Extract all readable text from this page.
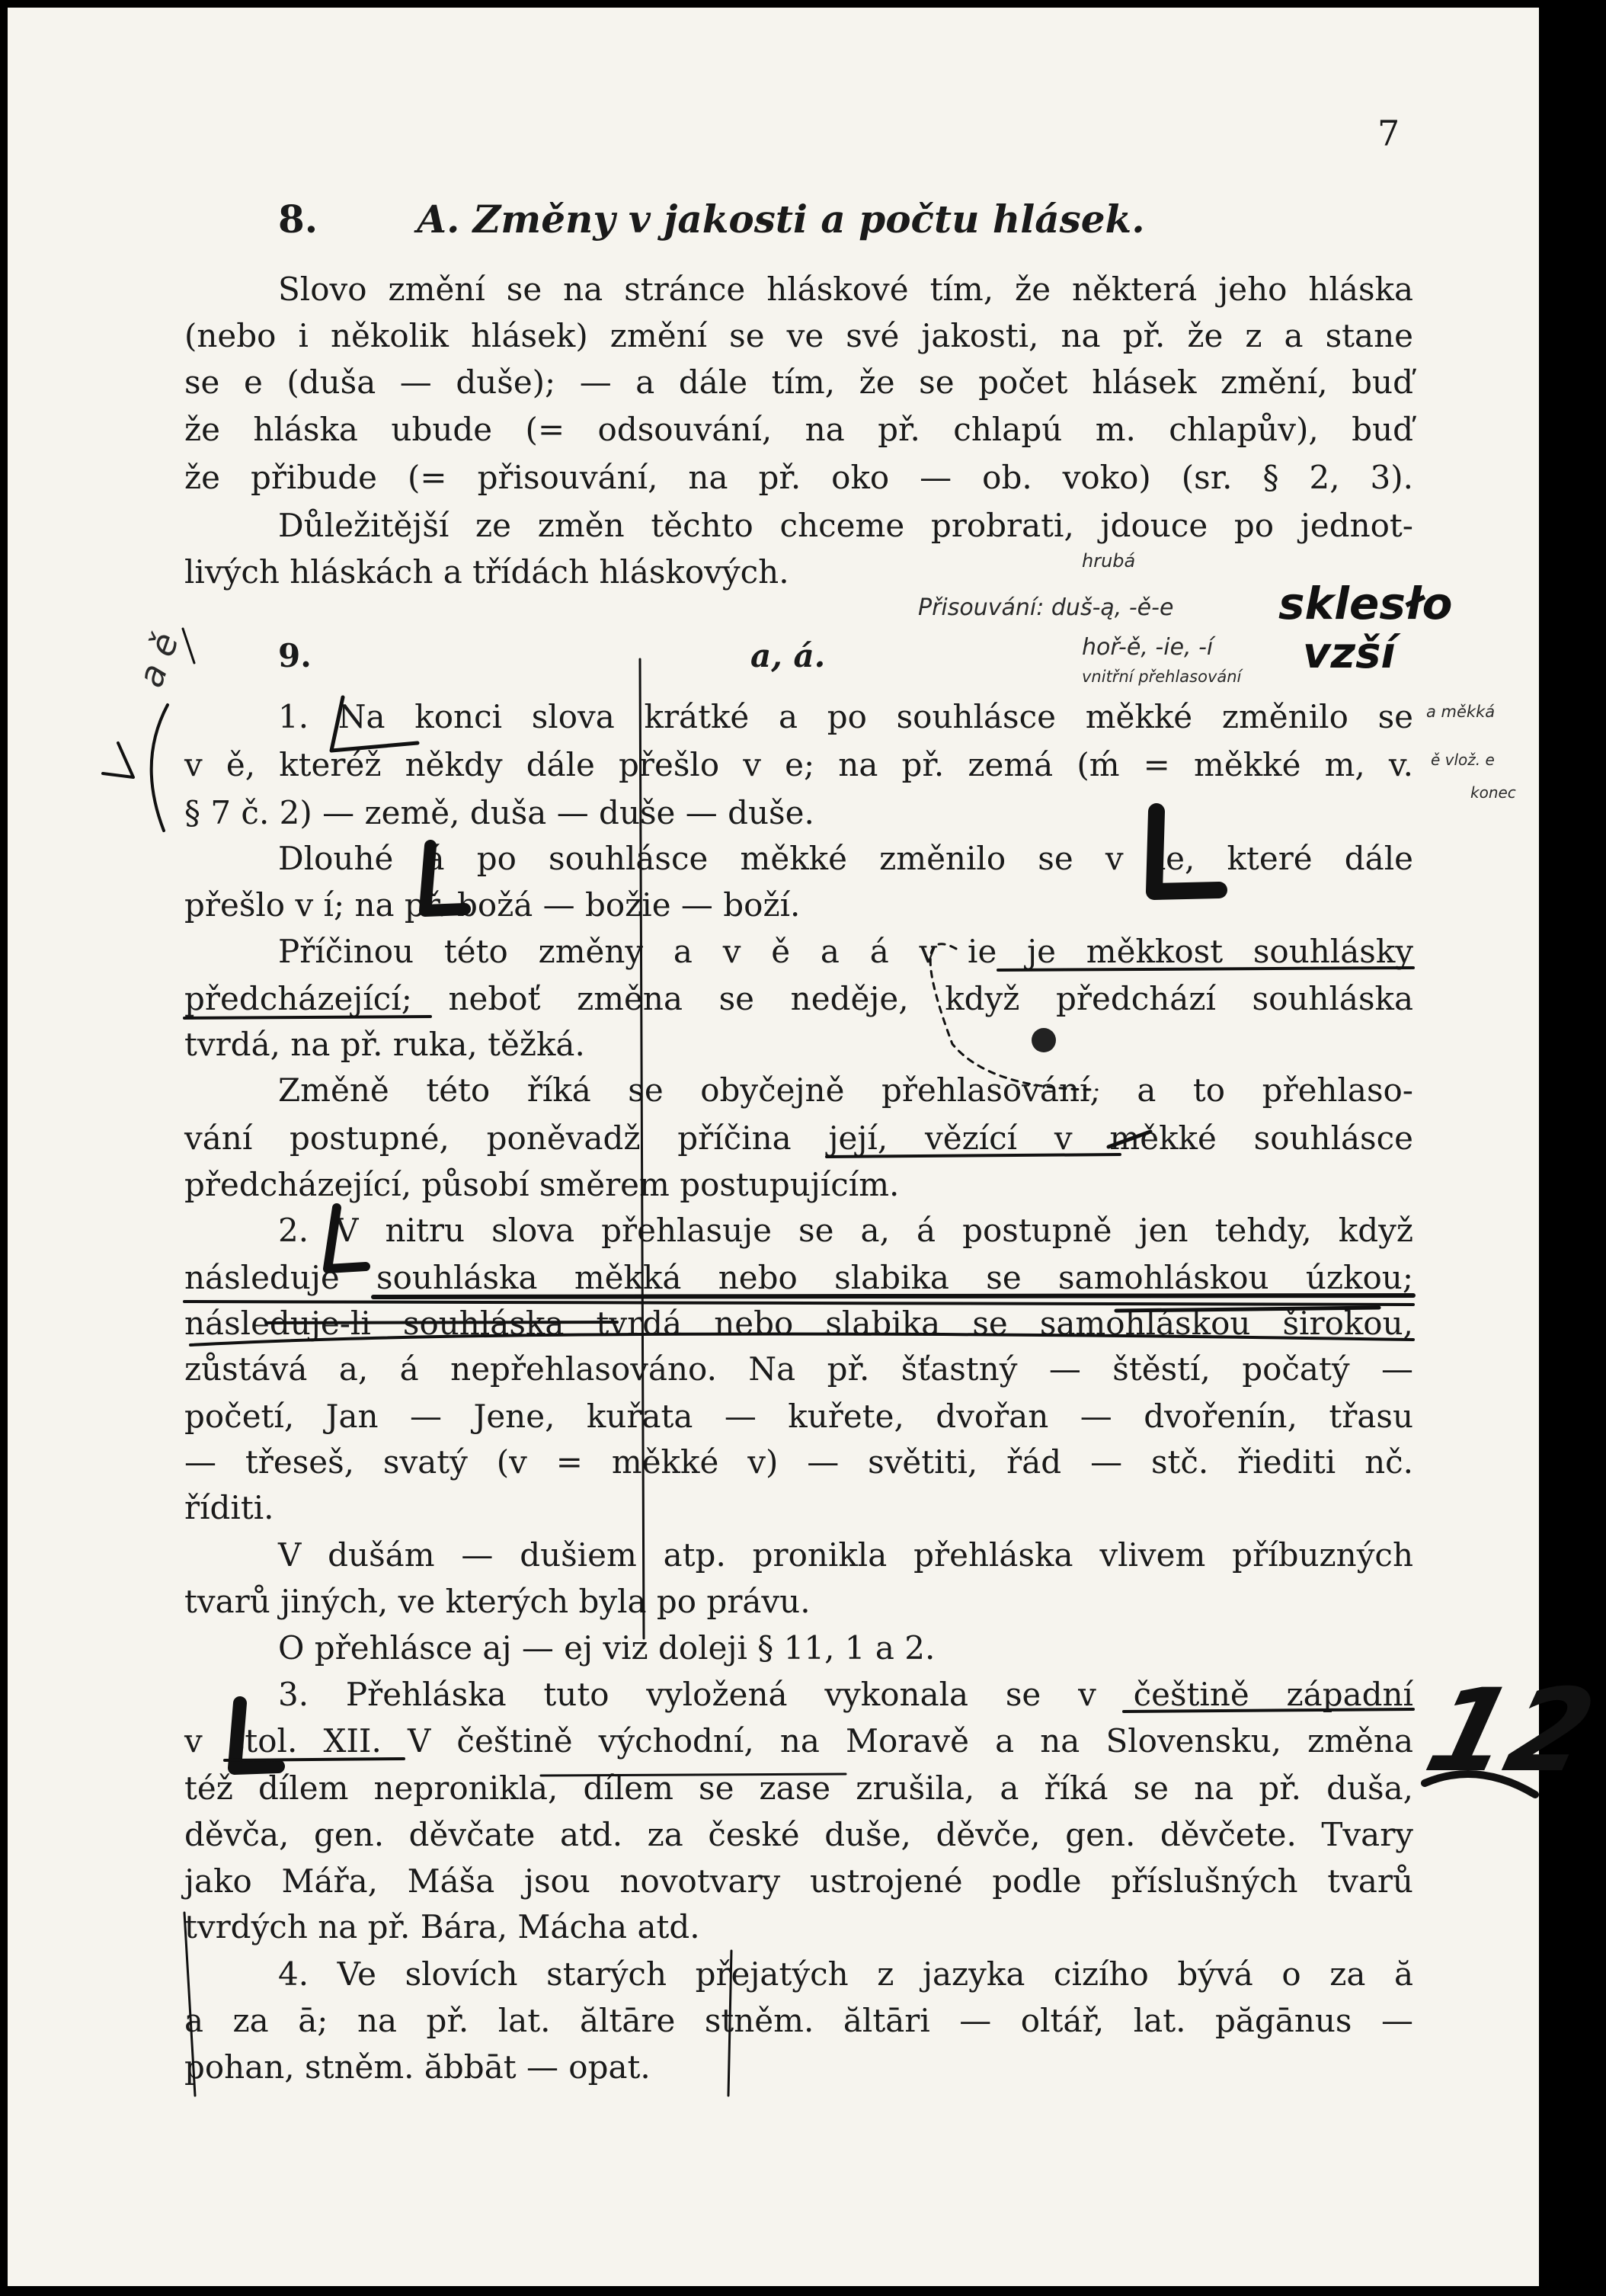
7
8.	A. Změny v jakosti a počtu hlásek.
Slovo změní se na stránce hláskové tím, že některá jeho hláska
(nebo i několik hlásek) změní se ve své jakosti, na př. že z a stane
se e (duša — duše); — a dále tím, že se počet hlásek změní, buď
že hláska ubude (= odsouvání, na př. chlapú m. chlapův), buď
že přibude (= přisouvání, na př. oko — ob. voko) (sr. § 2, 3).
Důležitější ze změn těchto chceme probrati, jdouce po jednot-
livých hláskách a třídách hláskových.
9.	a, á.
1. Na konci slova krátké a po souhlásce měkké změnilo se
v ě, kteréž někdy dále přešlo v e; na př. zemá (ḿ = měkké m, v.
§ 7 č. 2) — země, duša — duše — duše.
Dlouhé á po souhlásce měkké změnilo se v ie, které dále
přešlo v í; na př. božá — božie — boží.
Příčinou této změny a v ě a á v ie je měkkost souhlásky
předcházející; neboť změna se neděje, když předchází souhláska
tvrdá, na př. ruka, těžká.
Změně této říká se obyčejně přehlasování, a to přehlaso-
vání postupné, poněvadž příčina její, vězící v měkké souhlásce
předcházející, působí směrem postupujícím.
2. V nitru slova přehlasuje se a, á postupně jen tehdy, když
následuje souhláska měkká nebo slabika se samohláskou úzkou;
následuje-li souhláska tvrdá nebo slabika se samohláskou širokou,
zůstává a, á nepřehlasováno. Na př. šťastný — štěstí, počatý —
početí, Jan — Jene, kuřata — kuřete, dvořan — dvořenín, třasu
— třeseš, svatý (v = měkké v) — světiti, řád — stč. řiediti nč.
říditi.
V dušám — dušiem atp. pronikla přehláska vlivem příbuzných
tvarů jiných, ve kterých byla po právu.
O přehlásce aj — ej viz doleji § 11, 1 a 2.
3. Přehláska tuto vyložená vykonala se v češtině západní
v stol. XII. V češtině východní, na Moravě a na Slovensku, změna
též dílem nepronikla, dílem se zase zrušila, a říká se na př. duša,
děvča, gen. děvčate atd. za české duše, děvče, gen. děvčete. Tvary
jako Mářa, Máša jsou novotvary ustrojené podle příslušných tvarů
tvrdých na př. Bára, Mácha atd.
4. Ve slovích starých přejatých z jazyka cizího bývá o za ă
a za ā; na př. lat. ăltāre stněm. ăltāri — oltář, lat. păgānus —
pohan, stněm. ăbbāt — opat.
hrubá
Přisouvání: duš-ą, -ě-e
hoř-ě, -ie, -í
vnitřní přehlasování
sklesło
vzší
a měkká
ě vlož. e
konec
a ě
12
